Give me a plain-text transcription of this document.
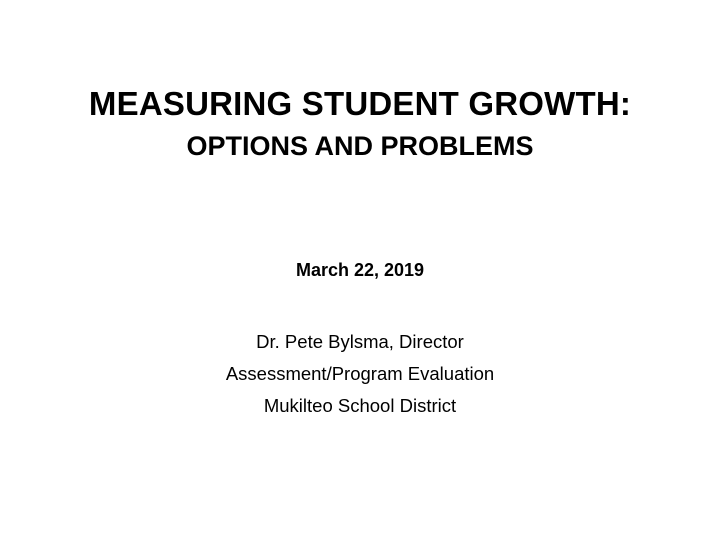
MEASURING STUDENT GROWTH:
OPTIONS AND PROBLEMS
March 22, 2019
Dr. Pete Bylsma, Director
Assessment/Program Evaluation
Mukilteo School District
